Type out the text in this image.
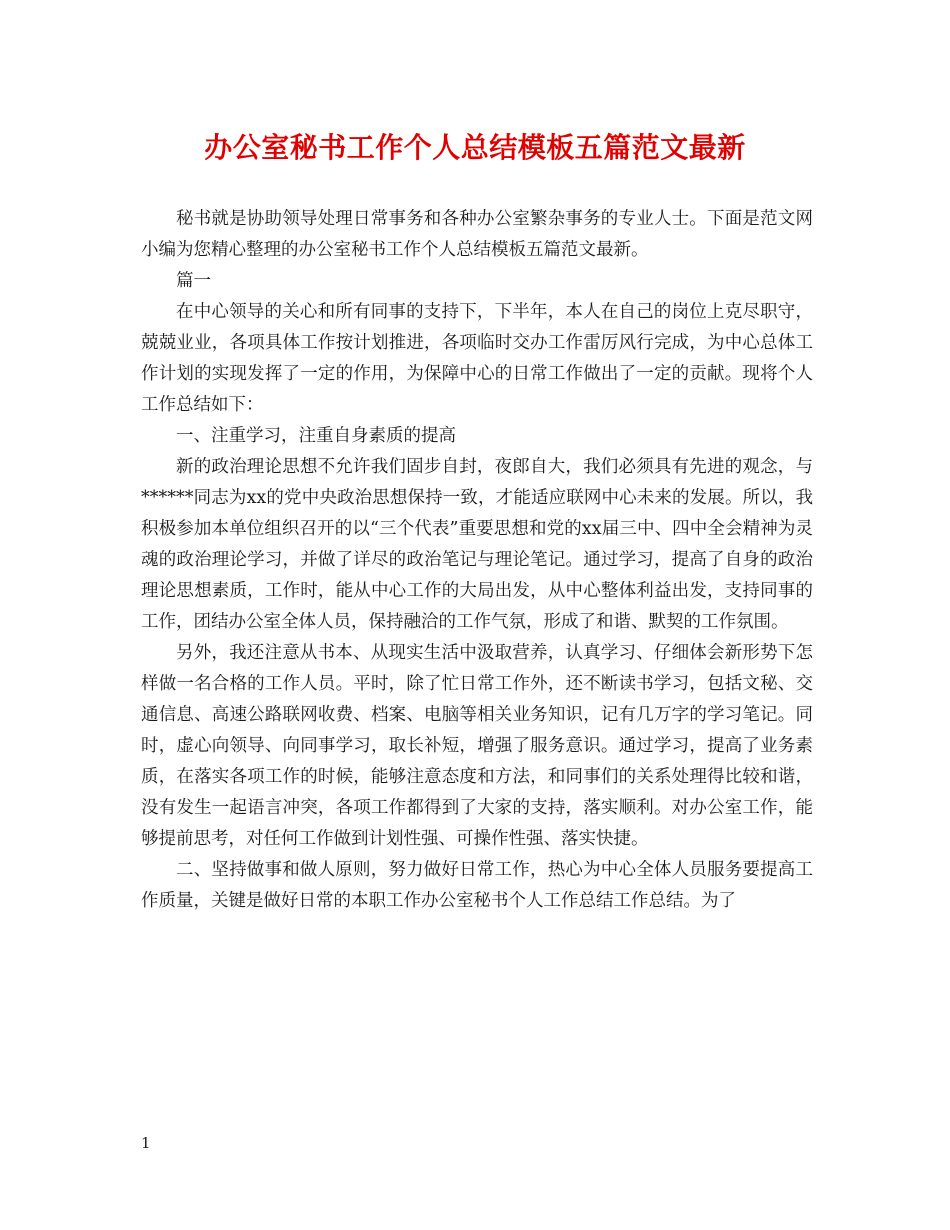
办公室秘书工作个人总结模板五篇范文最新

秘书就是协助领导处理日常事务和各种办公室繁杂事务的专业人士。下面是范文网小编为您精心整理的办公室秘书工作个人总结模板五篇范文最新。

篇一

在中心领导的关心和所有同事的支持下，下半年，本人在自己的岗位上克尽职守，兢兢业业，各项具体工作按计划推进，各项临时交办工作雷厉风行完成，为中心总体工作计划的实现发挥了一定的作用，为保障中心的日常工作做出了一定的贡献。现将个人工作总结如下：

一、注重学习，注重自身素质的提高

新的政治理论思想不允许我们固步自封，夜郎自大，我们必须具有先进的观念，与******同志为xx的党中央政治思想保持一致，才能适应联网中心未来的发展。所以，我积极参加本单位组织召开的以“三个代表”重要思想和党的xx届三中、四中全会精神为灵魂的政治理论学习，并做了详尽的政治笔记与理论笔记。通过学习，提高了自身的政治理论思想素质，工作时，能从中心工作的大局出发，从中心整体利益出发，支持同事的工作，团结办公室全体人员，保持融洽的工作气氛，形成了和谐、默契的工作氛围。

另外，我还注意从书本、从现实生活中汲取营养，认真学习、仔细体会新形势下怎样做一名合格的工作人员。平时，除了忙日常工作外，还不断读书学习，包括文秘、交通信息、高速公路联网收费、档案、电脑等相关业务知识，记有几万字的学习笔记。同时，虚心向领导、向同事学习，取长补短，增强了服务意识。通过学习，提高了业务素质，在落实各项工作的时候，能够注意态度和方法，和同事们的关系处理得比较和谐，没有发生一起语言冲突，各项工作都得到了大家的支持，落实顺利。对办公室工作，能够提前思考，对任何工作做到计划性强、可操作性强、落实快捷。

二、坚持做事和做人原则，努力做好日常工作，热心为中心全体人员服务要提高工作质量，关键是做好日常的本职工作办公室秘书个人工作总结工作总结。为了

1
